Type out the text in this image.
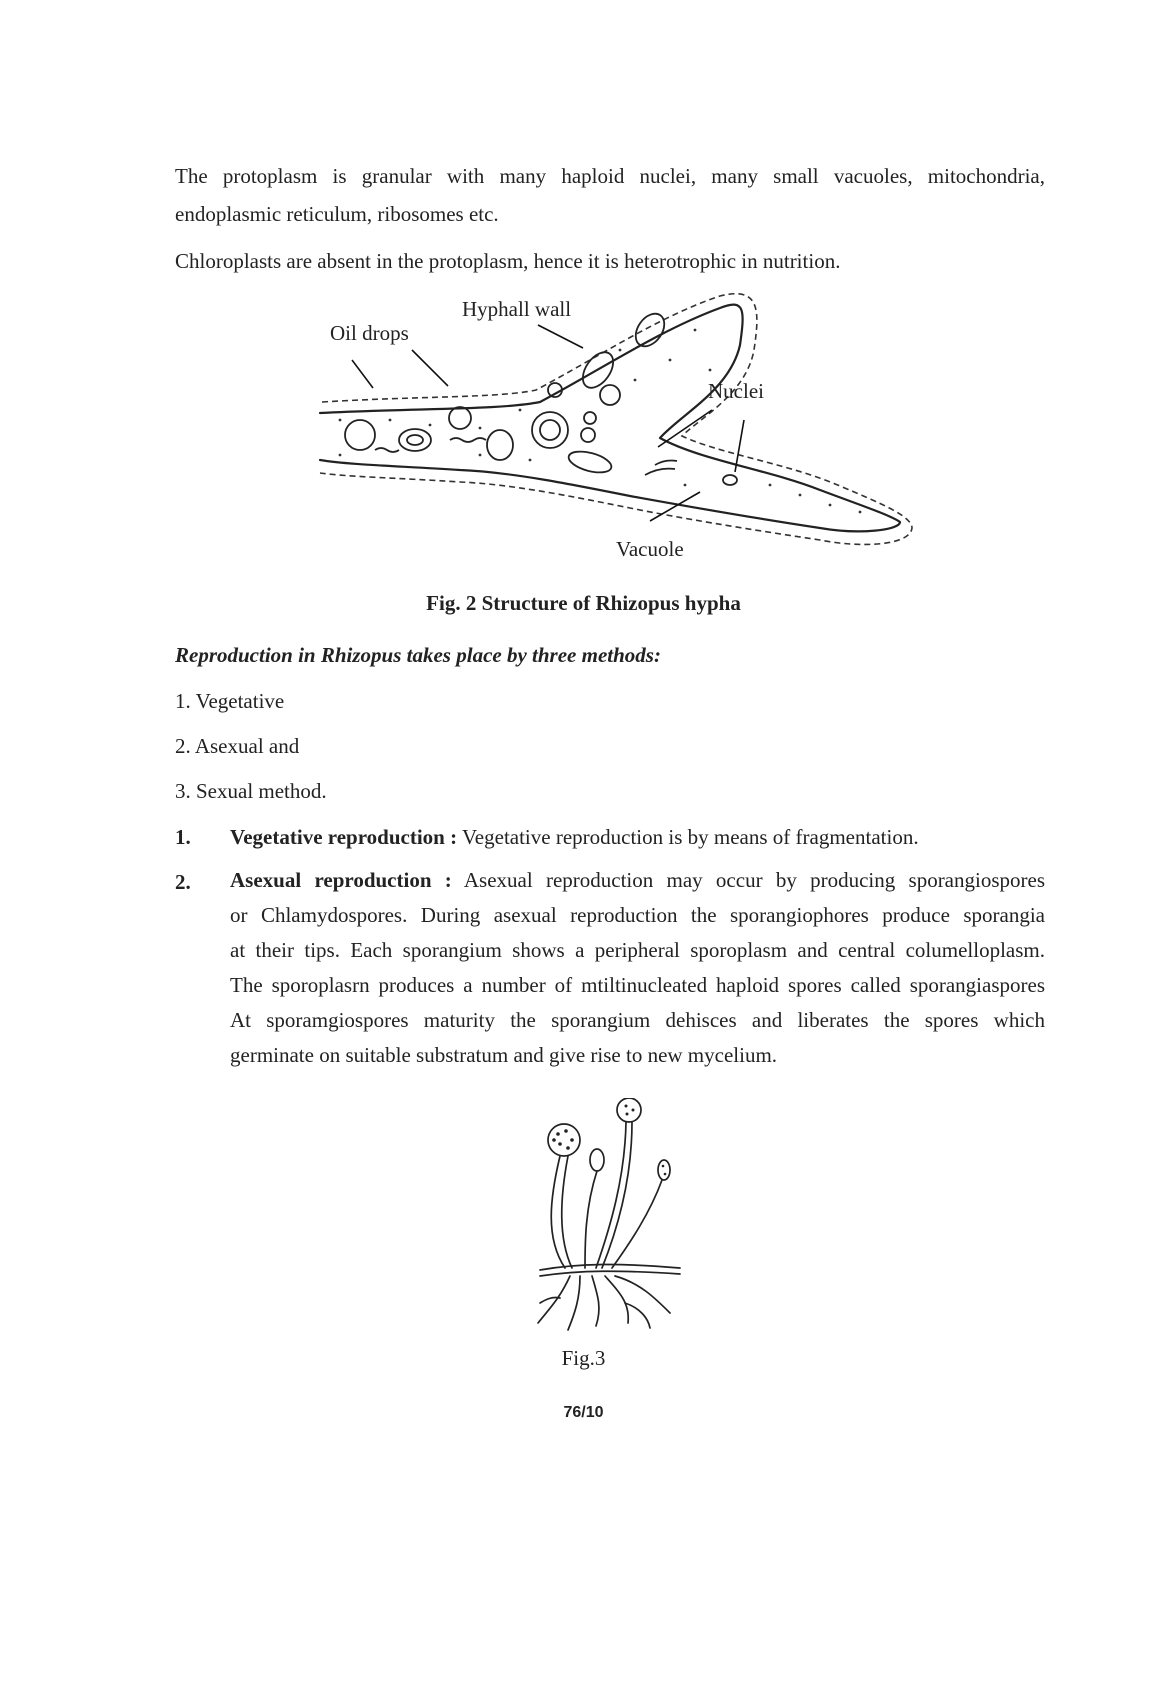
The protoplasm is granular with many haploid nuclei, many small vacuoles, mitochondria,
endoplasmic reticulum, ribosomes etc.

Chloroplasts are absent in the protoplasm, hence it is heterotrophic in nutrition.

Hyphall wall
Oil drops
Nuclei
Vacuole

Fig. 2 Structure of Rhizopus hypha

Reproduction in Rhizopus takes place by three methods:

1. Vegetative

2. Asexual and

3. Sexual method.

1. Vegetative reproduction : Vegetative reproduction is by means of fragmentation.

2. Asexual reproduction : Asexual reproduction may occur by producing sporangiospores
or Chlamydospores. During asexual reproduction the sporangiophores produce sporangia
at their tips. Each sporangium shows a peripheral sporoplasm and central columelloplasm.
The sporoplasrn produces a number of mtiltinucleated haploid spores called sporangiaspores
At sporamgiospores maturity the sporangium dehisces and liberates the spores which
germinate on suitable substratum and give rise to new mycelium.

Fig.3

76/10
